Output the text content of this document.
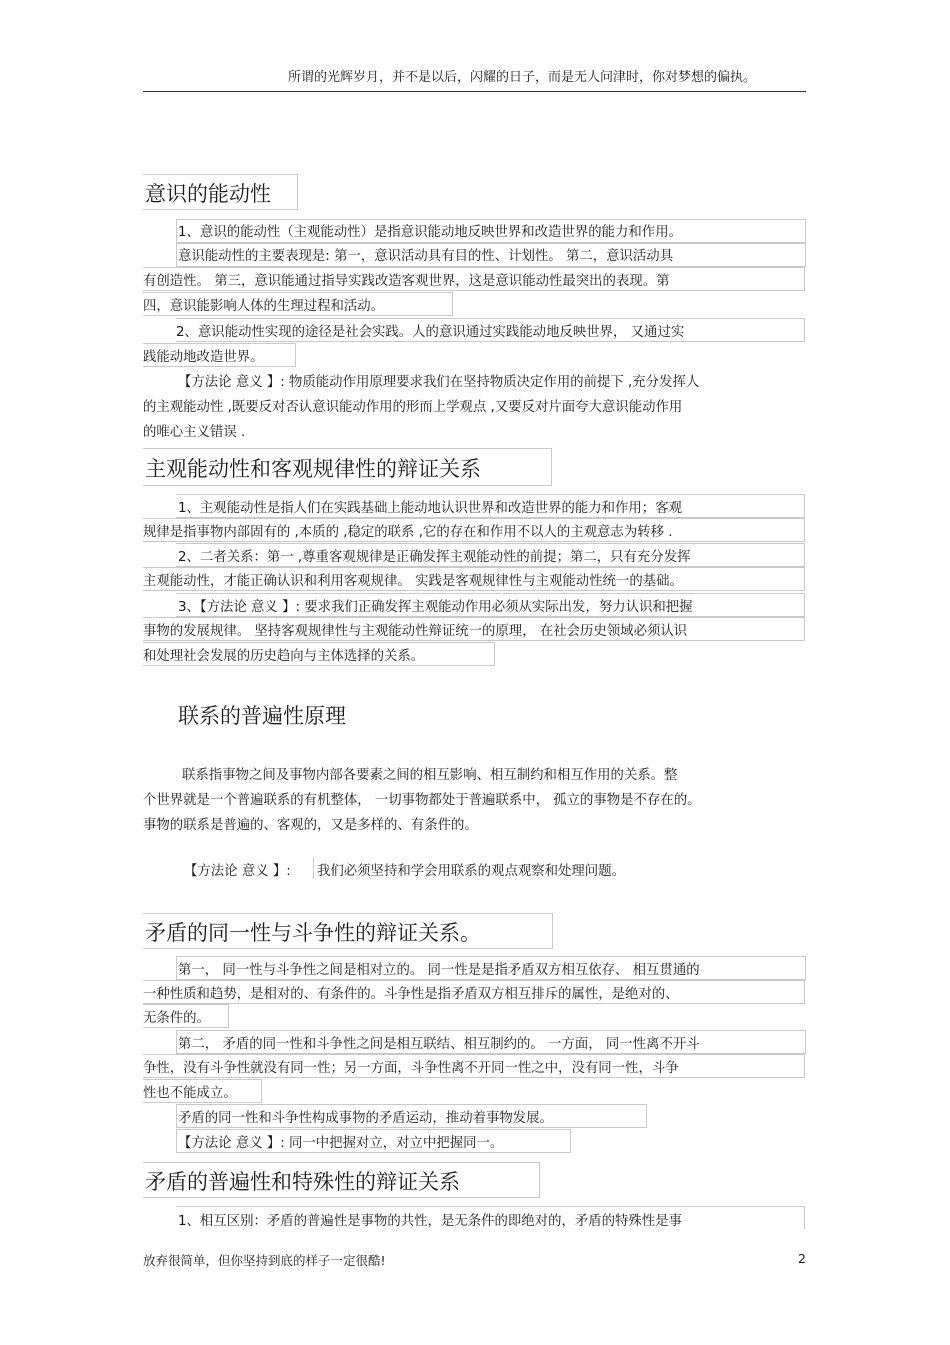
所谓的光辉岁月，并不是以后，闪耀的日子，而是无人问津时，你对梦想的偏执。
意识的能动性
1、意识的能动性（主观能动性）是指意识能动地反映世界和改造世界的能力和作用。
意识能动性的主要表现是: 第一，意识活动具有目的性、计划性。 第二，意识活动具
有创造性。 第三，意识能通过指导实践改造客观世界，这是意识能动性最突出的表现。第
四，意识能影响人体的生理过程和活动。
2、意识能动性实现的途径是社会实践。人的意识通过实践能动地反映世界， 又通过实
践能动地改造世界。
【方法论 意义 】: 物质能动作用原理要求我们在坚持物质决定作用的前提下 ,充分发挥人
的主观能动性 ,既要反对否认意识能动作用的形而上学观点 ,又要反对片面夸大意识能动作用
的唯心主义错误 .
主观能动性和客观规律性的辩证关系
1、主观能动性是指人们在实践基础上能动地认识世界和改造世界的能力和作用；客观
规律是指事物内部固有的 ,本质的 ,稳定的联系 ,它的存在和作用不以人的主观意志为转移 .
2、二者关系：第一 ,尊重客观规律是正确发挥主观能动性的前提；第二，只有充分发挥
主观能动性，才能正确认识和利用客观规律。 实践是客观规律性与主观能动性统一的基础。
3、【方法论 意义 】: 要求我们正确发挥主观能动作用必须从实际出发，努力认识和把握
事物的发展规律。 坚持客观规律性与主观能动性辩证统一的原理， 在社会历史领域必须认识
和处理社会发展的历史趋向与主体选择的关系。
联系的普遍性原理
联系指事物之间及事物内部各要素之间的相互影响、相互制约和相互作用的关系。整
个世界就是一个普遍联系的有机整体， 一切事物都处于普遍联系中， 孤立的事物是不存在的。
事物的联系是普遍的、客观的，又是多样的、有条件的。
【方法论 意义 】: 我们必须坚持和学会用联系的观点观察和处理问题。
矛盾的同一性与斗争性的辩证关系。
第一， 同一性与斗争性之间是相对立的。 同一性是是指矛盾双方相互依存、 相互贯通的
一种性质和趋势，是相对的、有条件的。斗争性是指矛盾双方相互排斥的属性，是绝对的、
无条件的。
第二， 矛盾的同一性和斗争性之间是相互联结、相互制约的。 一方面， 同一性离不开斗
争性，没有斗争性就没有同一性；另一方面，斗争性离不开同一性之中，没有同一性，斗争
性也不能成立。
矛盾的同一性和斗争性构成事物的矛盾运动，推动着事物发展。
【方法论 意义 】: 同一中把握对立，对立中把握同一。
矛盾的普遍性和特殊性的辩证关系
1、相互区别：矛盾的普遍性是事物的共性，是无条件的即绝对的，矛盾的特殊性是事
放弃很简单，但你坚持到底的样子一定很酷!	2
